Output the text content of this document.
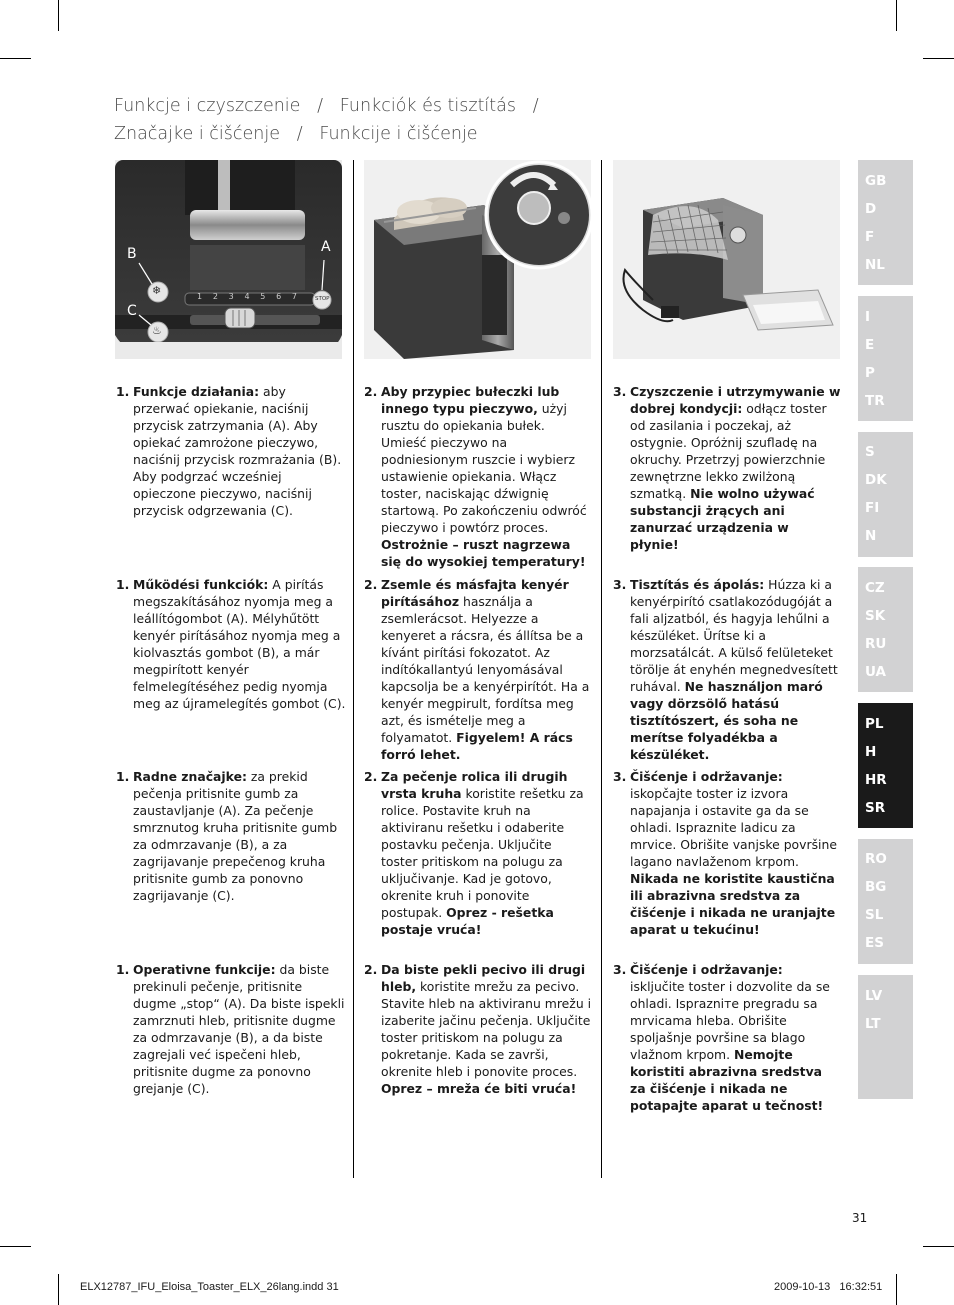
Funkcje i czyszczenie / Funkciók és tisztítás /
Značajke i čišćenje / Funkcije i čišćenje
B	A
C
❄
♨
STOP
1 2 3 4 5 6 7
1. Funkcje działania: aby przerwać opiekanie, naciśnij przycisk zatrzymania (A). Aby opiekać zamrożone pieczywo, naciśnij przycisk rozmrażania (B). Aby podgrzać wcześniej opieczone pieczywo, naciśnij przycisk odgrzewania (C).
2. Aby przypiec bułeczki lub innego typu pieczywo, użyj rusztu do opiekania bułek. Umieść pieczywo na podniesionym ruszcie i wybierz ustawienie opiekania. Włącz toster, naciskając dźwignię startową. Po zakończeniu odwróć pieczywo i powtórz proces. Ostrożnie – ruszt nagrzewa się do wysokiej temperatury!
3. Czyszczenie i utrzymywanie w dobrej kondycji: odłącz toster od zasilania i poczekaj, aż ostygnie. Opróżnij szufladę na okruchy. Przetrzyj powierzchnie zewnętrzne lekko zwilżoną szmatką. Nie wolno używać substancji żrących ani zanurzać urządzenia w płynie!
1. Működési funkciók: A pirítás megszakításához nyomja meg a leállítógombot (A). Mélyhűtött kenyér pirításához nyomja meg a kiolvasztás gombot (B), a már megpirított kenyér felmelegítéséhez pedig nyomja meg az újramelegítés gombot (C).
2. Zsemle és másfajta kenyér pirításához használja a zsemlerácsot. Helyezze a kenyeret a rácsra, és állítsa be a kívánt pirítási fokozatot. Az indítókallantyú lenyomásával kapcsolja be a kenyérpirítót. Ha a kenyér megpirult, fordítsa meg azt, és ismételje meg a folyamatot. Figyelem! A rács forró lehet.
3. Tisztítás és ápolás: Húzza ki a kenyérpirító csatlakozódugóját a fali aljzatból, és hagyja lehűlni a készüléket. Ürítse ki a morzsatálcát. A külső felületeket törölje át enyhén megnedvesített ruhával. Ne használjon maró vagy dörzsölő hatású tisztítószert, és soha ne merítse folyadékba a készüléket.
1. Radne značajke: za prekid pečenja pritisnite gumb za zaustavljanje (A). Za pečenje smrznutog kruha pritisnite gumb za odmrzavanje (B), a za zagrijavanje prepečenog kruha pritisnite gumb za ponovno zagrijavanje (C).
2. Za pečenje rolica ili drugih vrsta kruha koristite rešetku za rolice. Postavite kruh na aktiviranu rešetku i odaberite postavku pečenja. Uključite toster pritiskom na polugu za uključivanje. Kad je gotovo, okrenite kruh i ponovite postupak. Oprez - rešetka postaje vruća!
3. Čišćenje i održavanje: iskopčajte toster iz izvora napajanja i ostavite ga da se ohladi. Ispraznite ladicu za mrvice. Obrišite vanjske površine lagano navlaženom krpom. Nikada ne koristite kaustična ili abrazivna sredstva za čišćenje i nikada ne uranjajte aparat u tekućinu!
1. Operativne funkcije: da biste prekinuli pečenje, pritisnite dugme „stop“ (A). Da biste ispekli zamrznuti hleb, pritisnite dugme za odmrzavanje (B), a da biste zagrejali već ispečeni hleb, pritisnite dugme za ponovno grejanje (C).
2. Da biste pekli pecivo ili drugi hleb, koristite mrežu za pecivo. Stavite hleb na aktiviranu mrežu i izaberite jačinu pečenja. Uključite toster pritiskom na polugu za pokretanje. Kada se završi, okrenite hleb i ponovite proces. Oprez – mreža će biti vruća!
3. Čišćenje i održavanje: isključite toster i dozvolite da se ohladi. Isprazniте pregradu sa mrvicama hleba. Obrišite spoljašnje površine sa blago vlažnom krpom. Nemojte koristiti abrazivna sredstva za čišćenje i nikada ne potapajte aparat u tečnost!
GB
D
F
NL
I
E
P
TR
S
DK
FI
N
CZ
SK
RU
UA
PL
H
HR
SR
RO
BG
SL
ES
LV
LT
31
ELX12787_IFU_Eloisa_Toaster_ELX_26lang.indd 31	2009-10-13   16:32:51
